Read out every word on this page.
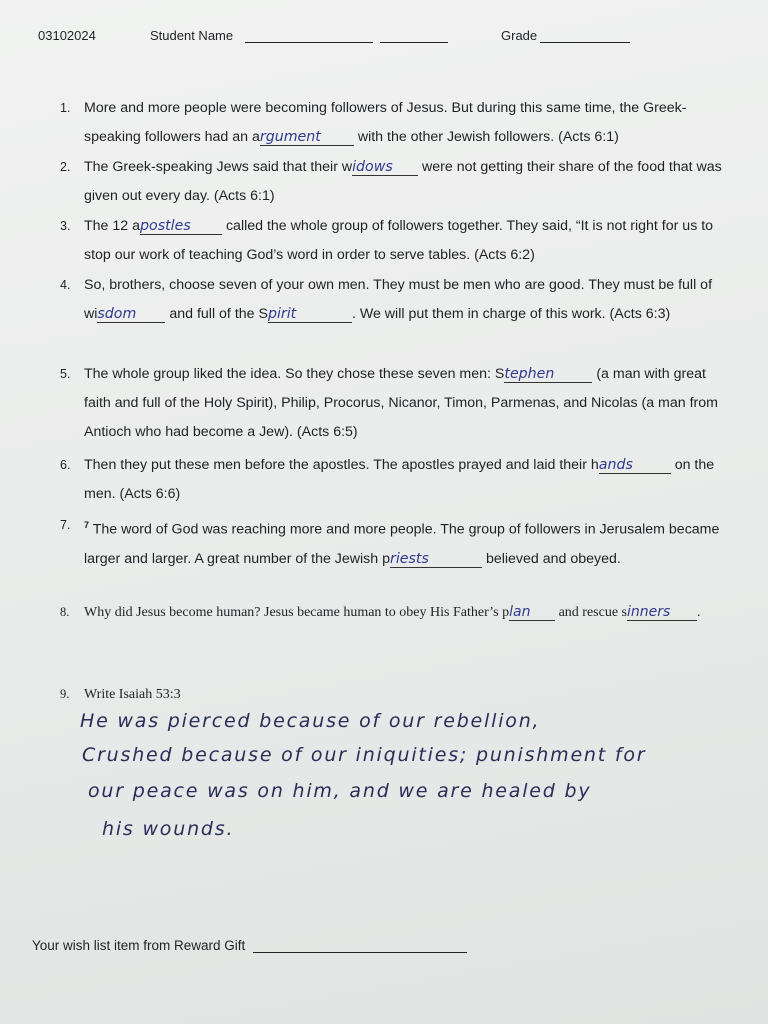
03102024	Student Name	Grade
1. More and more people were becoming followers of Jesus. But during this same time, the Greek-speaking followers had an argument with the other Jewish followers. (Acts 6:1)
2. The Greek-speaking Jews said that their widows were not getting their share of the food that was given out every day. (Acts 6:1)
3. The 12 apostles called the whole group of followers together. They said, “It is not right for us to stop our work of teaching God’s word in order to serve tables. (Acts 6:2)
4. So, brothers, choose seven of your own men. They must be men who are good. They must be full of wisdom and full of the Spirit	. We will put them in charge of this work. (Acts 6:3)
5. The whole group liked the idea. So they chose these seven men: Stephen	(a man with great faith and full of the Holy Spirit), Philip, Procorus, Nicanor, Timon, Parmenas, and Nicolas (a man from Antioch who had become a Jew). (Acts 6:5)
6. Then they put these men before the apostles. The apostles prayed and laid their hands	on the men. (Acts 6:6)
7.	$^7$ The word of God was reaching more and more people. The group of followers in Jerusalem became larger and larger. A great number of the Jewish priests	believed and obeyed.
8.	Why did Jesus become human? Jesus became human to obey His Father’s plan and rescue sinners .
9.	Write Isaiah 53:3
He was pierced because of our rebellion,
Crushed because of our iniquities; punishment for
our peace was on him, and we are healed by
his wounds.
Your wish list item from Reward Gift
